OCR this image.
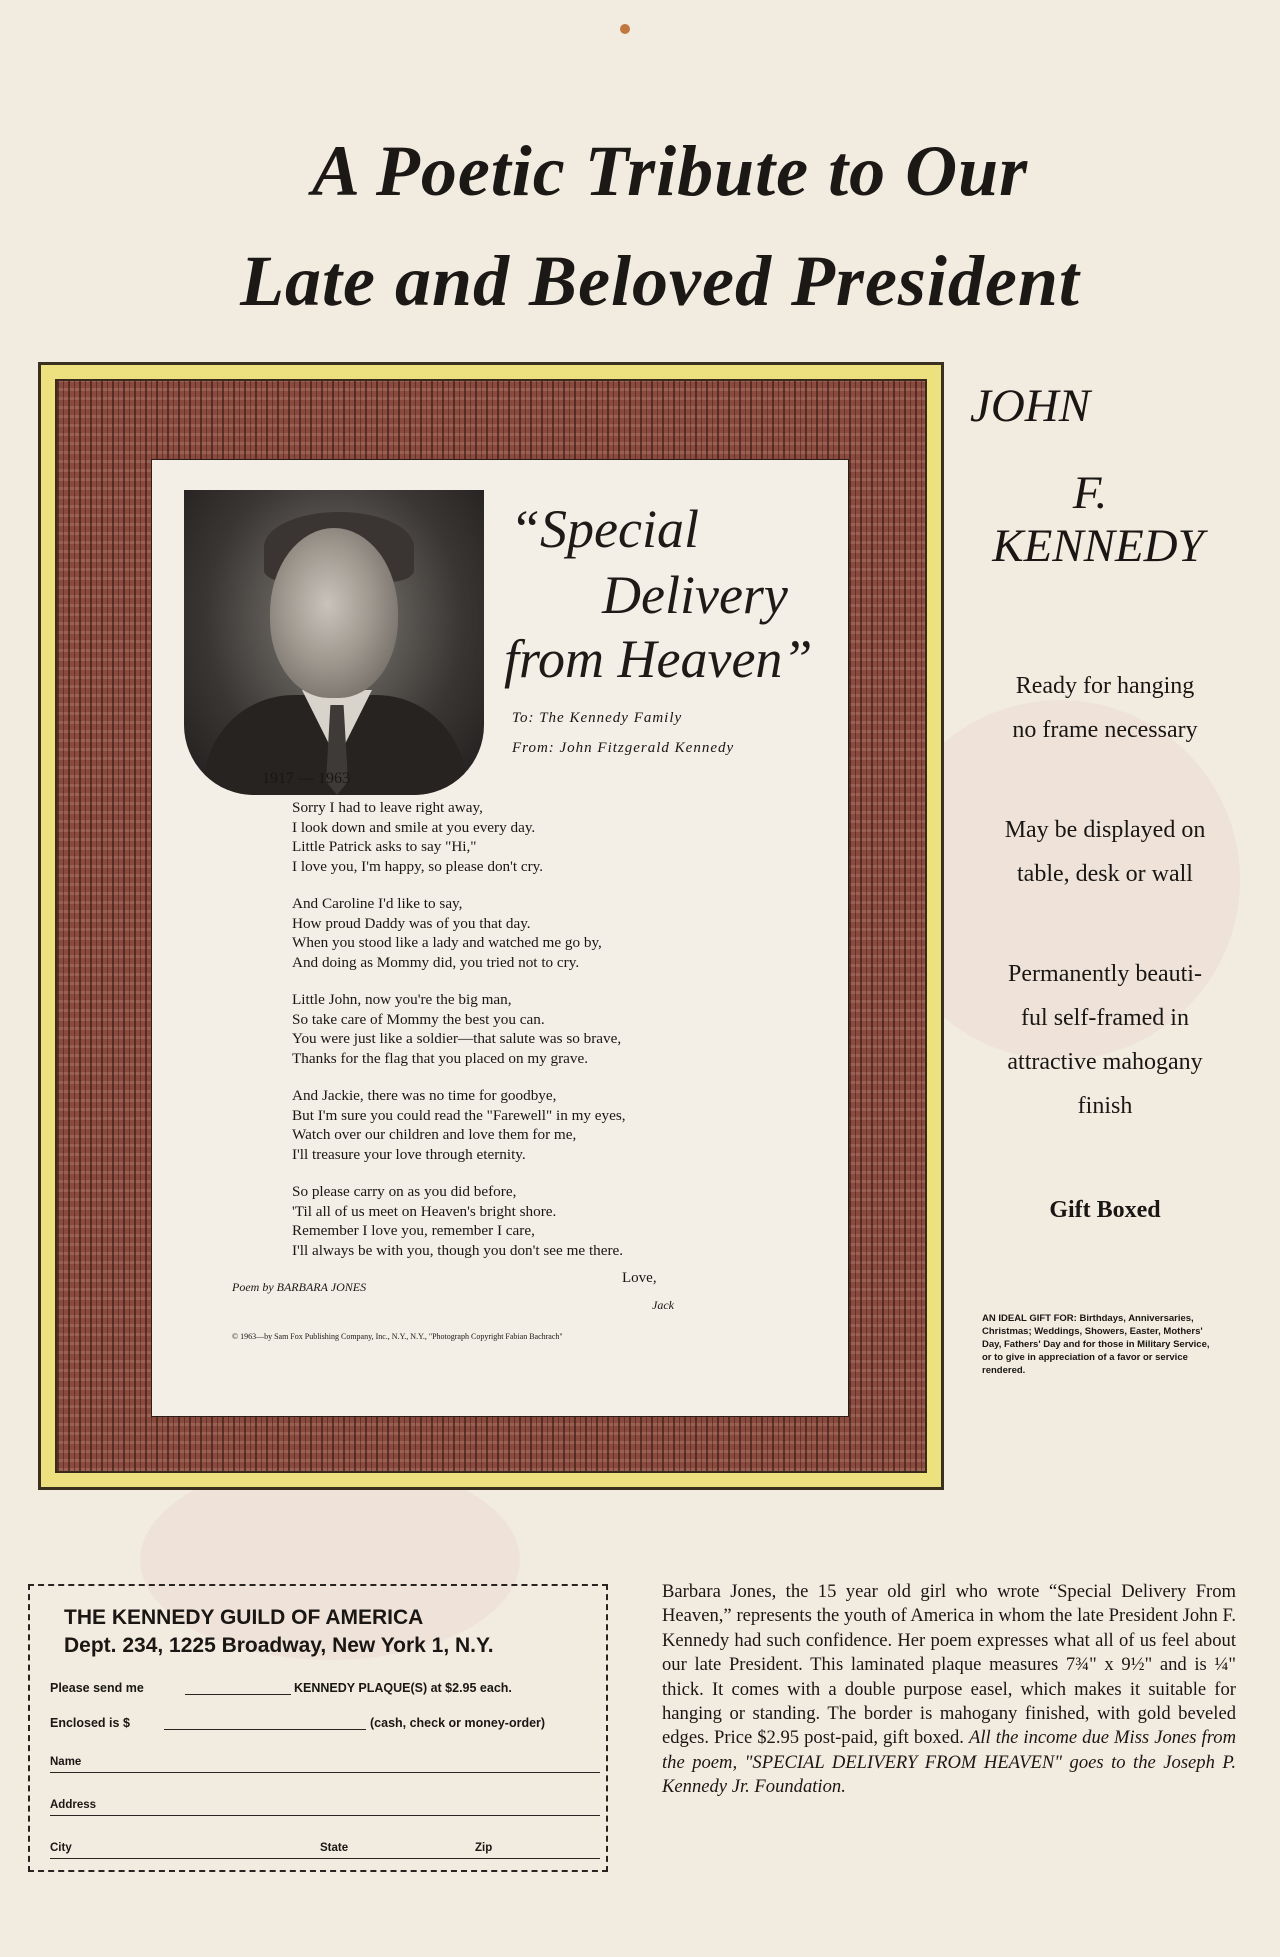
A Poetic Tribute to Our
Late and Beloved President
“Special
Delivery
from Heaven”
To: The Kennedy Family
From: John Fitzgerald Kennedy
1917 — 1963
Sorry I had to leave right away,
I look down and smile at you every day.
Little Patrick asks to say "Hi,"
I love you, I'm happy, so please don't cry.
And Caroline I'd like to say,
How proud Daddy was of you that day.
When you stood like a lady and watched me go by,
And doing as Mommy did, you tried not to cry.
Little John, now you're the big man,
So take care of Mommy the best you can.
You were just like a soldier—that salute was so brave,
Thanks for the flag that you placed on my grave.
And Jackie, there was no time for goodbye,
But I'm sure you could read the "Farewell" in my eyes,
Watch over our children and love them for me,
I'll treasure your love through eternity.
So please carry on as you did before,
'Til all of us meet on Heaven's bright shore.
Remember I love you, remember I care,
I'll always be with you, though you don't see me there.
Poem by BARBARA JONES
Love,
Jack
© 1963—by Sam Fox Publishing Company, Inc., N.Y., N.Y., "Photograph Copyright Fabian Bachrach"
JOHN
F.
KENNEDY
Ready for hanging
no frame necessary
May be displayed on
table, desk or wall
Permanently beauti-
ful self-framed in
attractive mahogany
finish
Gift Boxed
AN IDEAL GIFT FOR: Birthdays, Anniversaries, Christmas; Weddings, Showers, Easter, Mothers' Day, Fathers' Day and for those in Military Service, or to give in appreciation of a favor or service rendered.
THE KENNEDY GUILD OF AMERICA
Dept. 234, 1225 Broadway, New York 1, N.Y.
Please send me	KENNEDY PLAQUE(S) at $2.95 each.
Enclosed is $	(cash, check or money-order)
Name
Address
City	State	Zip
Barbara Jones, the 15 year old girl who wrote “Special Delivery From Heaven,” represents the youth of America in whom the late President John F. Kennedy had such confidence. Her poem expresses what all of us feel about our late President. This laminated plaque measures 7¾" x 9½" and is ¼" thick. It comes with a double purpose easel, which makes it suitable for hanging or standing. The border is mahogany finished, with gold beveled edges. Price $2.95 post-paid, gift boxed. All the income due Miss Jones from the poem, "SPECIAL DELIVERY FROM HEAVEN" goes to the Joseph P. Kennedy Jr. Foundation.
